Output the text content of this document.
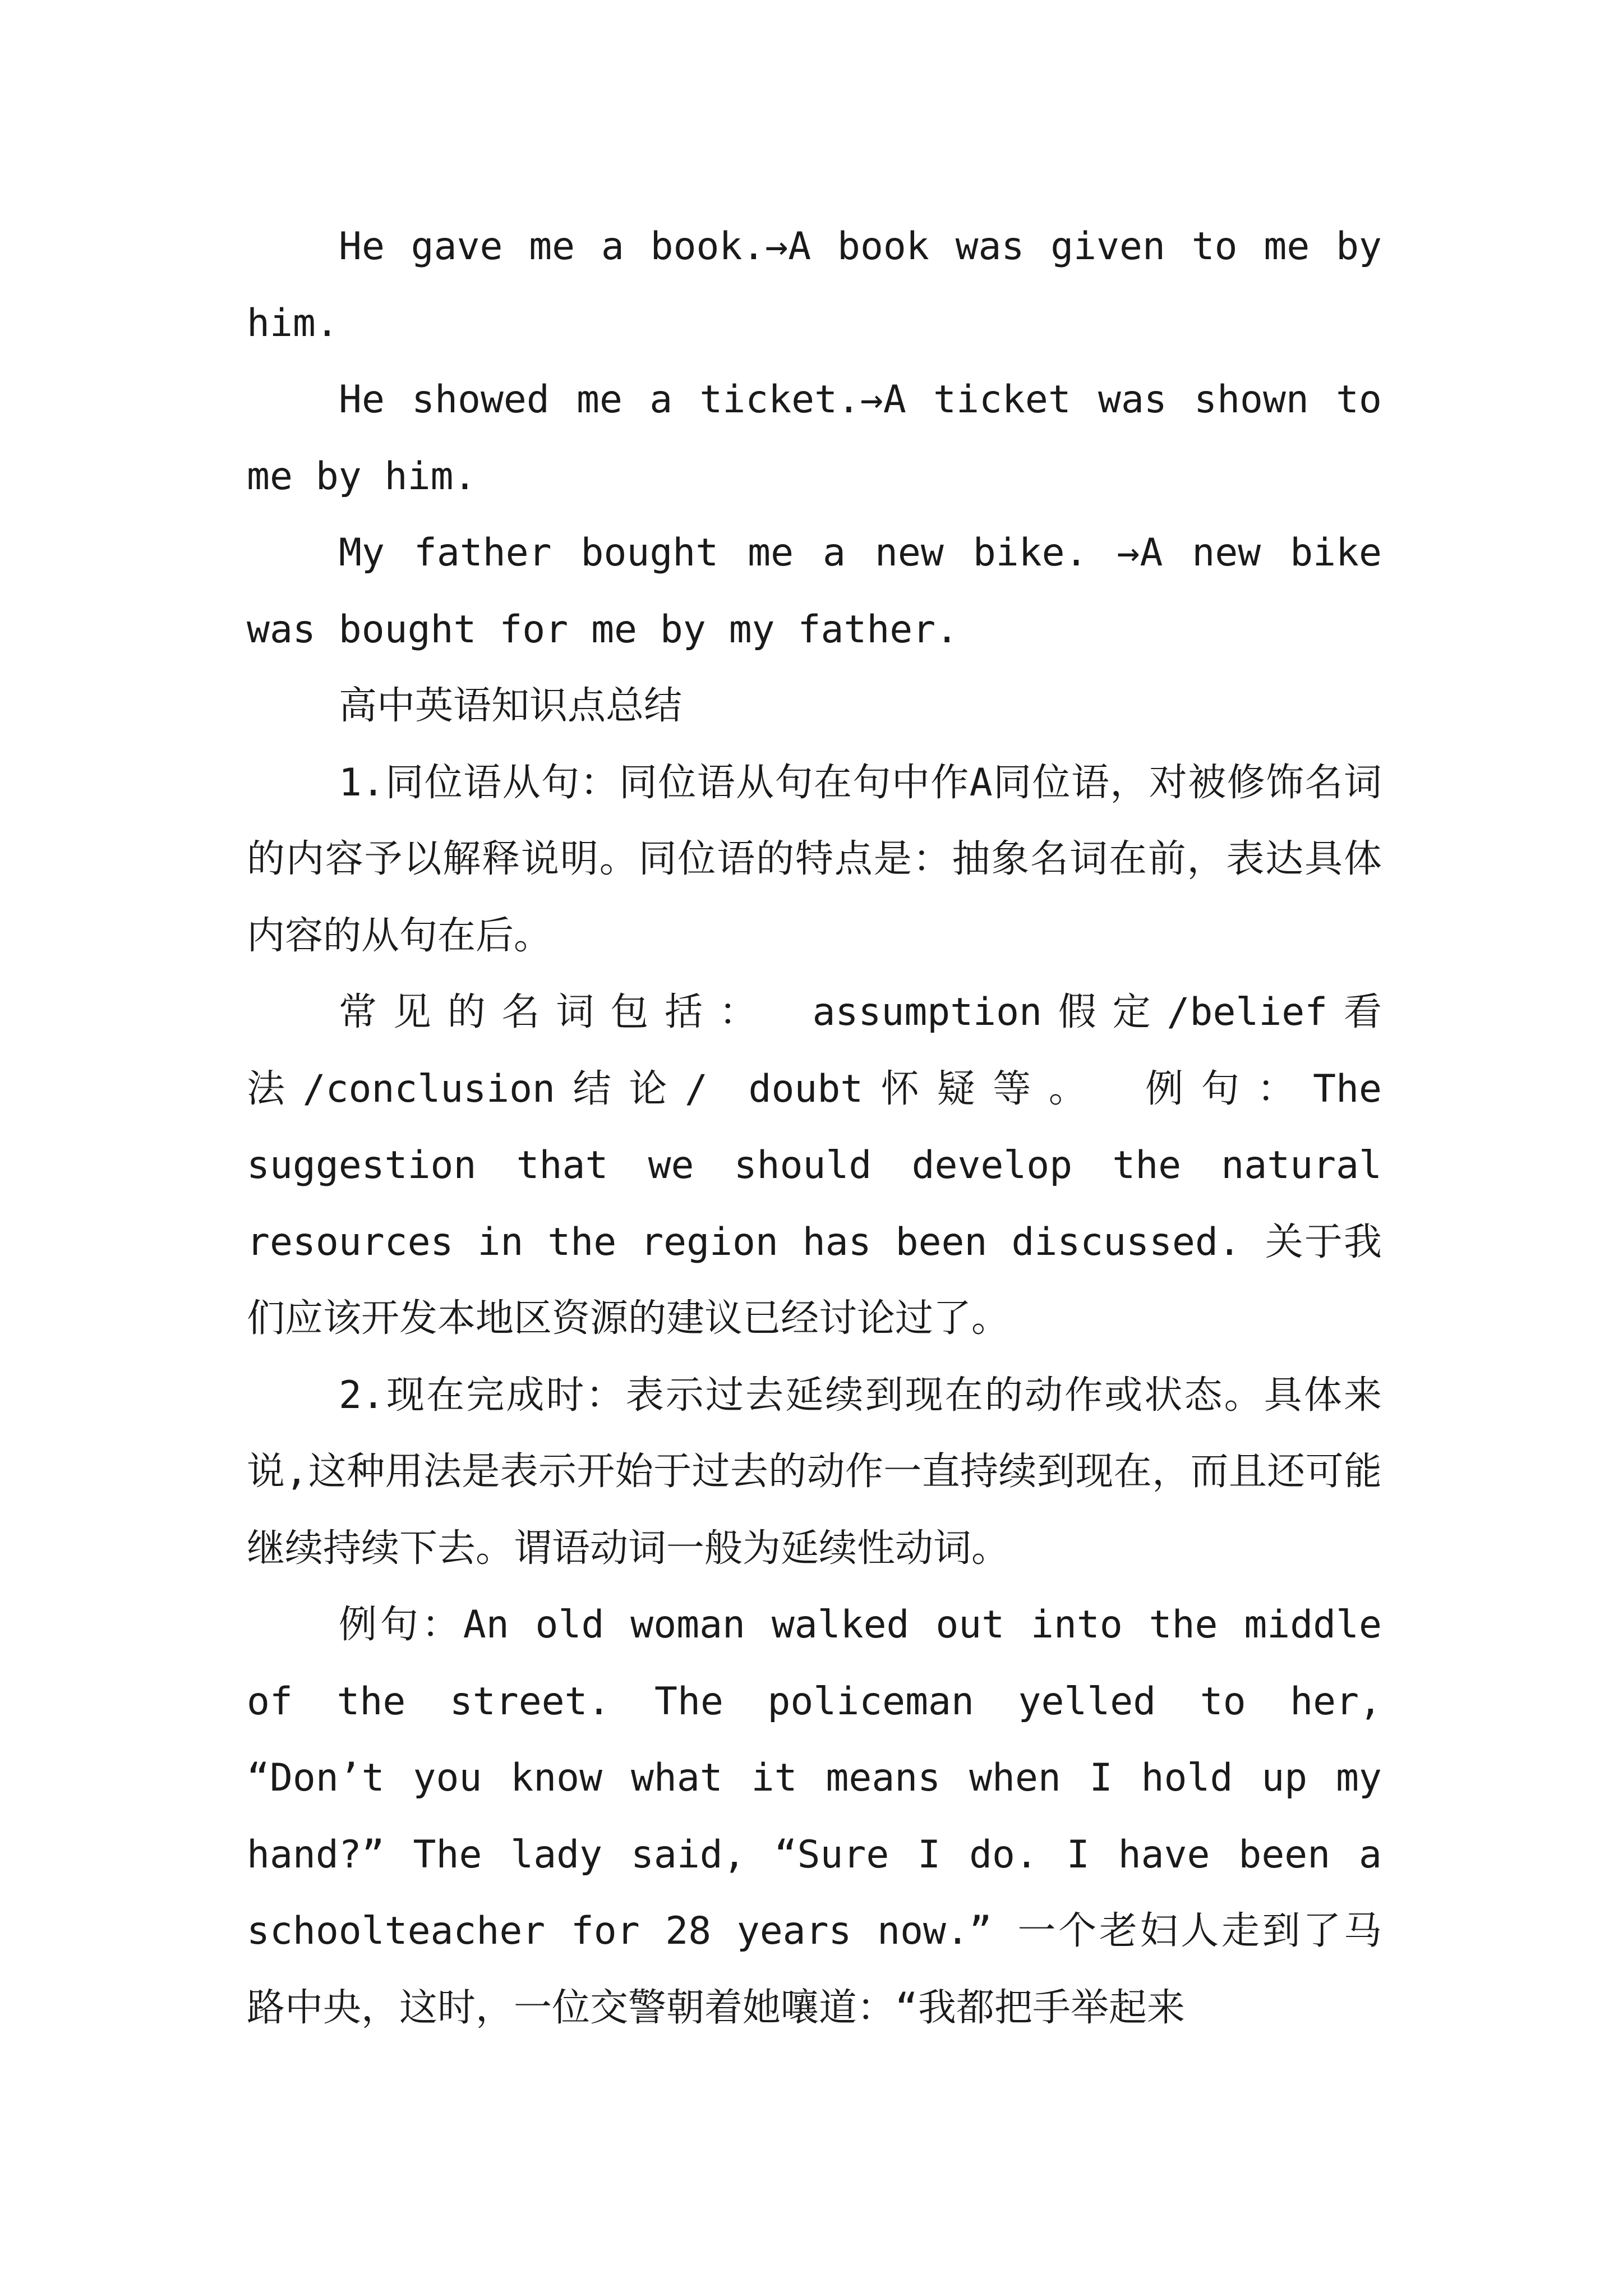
He gave me a book.→A book was given to me by him.

He showed me a ticket.→A ticket was shown to me by him.

My father bought me a new bike. →A new bike was bought for me by my father.

高中英语知识点总结

1.同位语从句：同位语从句在句中作A同位语，对被修饰名词的内容予以解释说明。同位语的特点是：抽象名词在前，表达具体内容的从句在后。

常见的名词包括： assumption假定/belief看法/conclusion结论/ doubt怀疑等。 例句：The suggestion that we should develop the natural resources in the region has been discussed. 关于我们应该开发本地区资源的建议已经讨论过了。

2.现在完成时：表示过去延续到现在的动作或状态。具体来说,这种用法是表示开始于过去的动作一直持续到现在，而且还可能继续持续下去。谓语动词一般为延续性动词。

例句：An old woman walked out into the middle of the street. The policeman yelled to her, “Don’t you know what it means when I hold up my hand?” The lady said, “Sure I do. I have been a schoolteacher for 28 years now.” 一个老妇人走到了马路中央，这时，一位交警朝着她嚷道：“我都把手举起来
